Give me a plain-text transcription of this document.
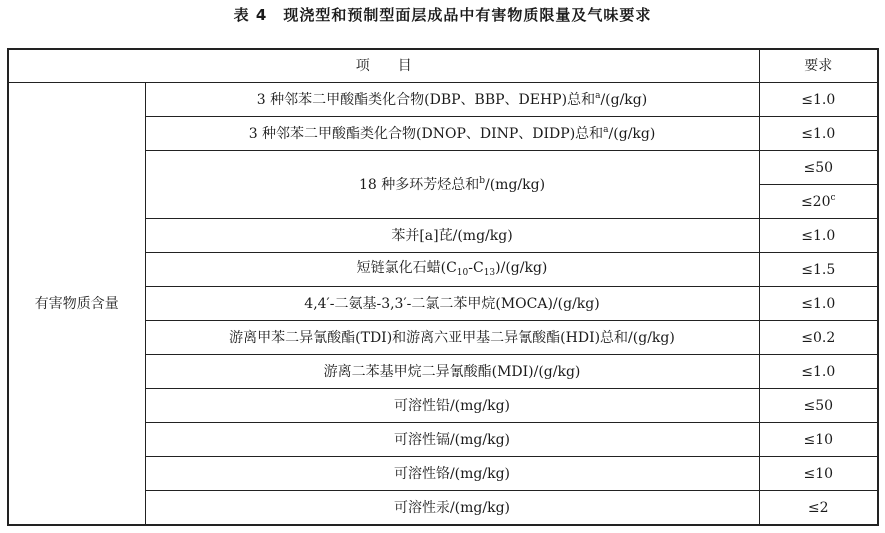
表 4　现浇型和预制型面层成品中有害物质限量及气味要求
项　　目		要求
有害物质含量	3 种邻苯二甲酸酯类化合物(DBP、BBP、DEHP)总和$^a$/(g/kg)	≤1.0
	3 种邻苯二甲酸酯类化合物(DNOP、DINP、DIDP)总和$^a$/(g/kg)	≤1.0
	18 种多环芳烃总和$^b$/(mg/kg)	≤50
		$\le 20^c$
	苯并[a]芘/(mg/kg)	≤1.0
	短链氯化石蜡$(C_{10}-C_{13})/(g/kg)$	≤1.5
	4,4′-二氨基-3,3′-二氯二苯甲烷(MOCA)/(g/kg)	≤1.0
	游离甲苯二异氰酸酯(TDI)和游离六亚甲基二异氰酸酯(HDI)总和/(g/kg)	≤0.2
	游离二苯基甲烷二异氰酸酯(MDI)/(g/kg)	≤1.0
	可溶性铅/(mg/kg)	≤50
	可溶性镉/(mg/kg)	≤10
	可溶性铬/(mg/kg)	≤10
	可溶性汞/(mg/kg)	≤2
